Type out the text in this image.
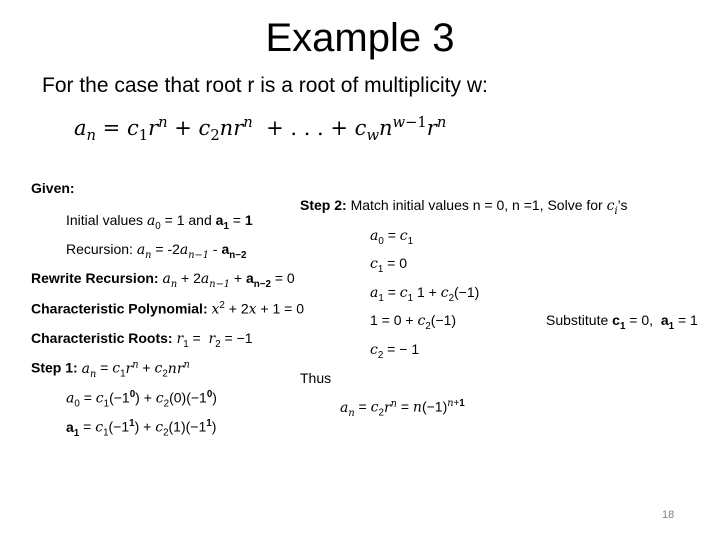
Example 3
For the case that root r is a root of multiplicity w:
$a_n = c_1r^n + c_2nr^n$  + . . . + $c_wn^{w-1}r^n$
Given:
Initial values $a_0 = 1$ and $a_1 = 1$
Recursion: $a_n = -2a_{n-1} - a_{n-2}$
Rewrite Recursion: $a_n + 2a_{n-1} + a_{n-2} = 0$
Characteristic Polynomial: $x^2 + 2x + 1 = 0$
Characteristic Roots: $r_1 = r_2 = -1$
Step 1: $a_n = c_1r^n + c_2nr^n$
$a_0 = c_1(-1^0) + c_2(0)(-1^0)$
$a_1 = c_1(-1^1) + c_2(1)(-1^1)$
Step 2: Match initial values n = 0, n =1, Solve for $c_i’s$
$a_0 = c_1$
$c_1 = 0$
$a_1 = c_1$ $1 + c_2(-1)$
$1 = 0 + c_2(-1)$	Substitute $c_1 = 0$,  $a_1 = 1$
$c_2$ = − 1
Thus
$a_n = c_2r^n = n(-1)^{n+1}$
18
